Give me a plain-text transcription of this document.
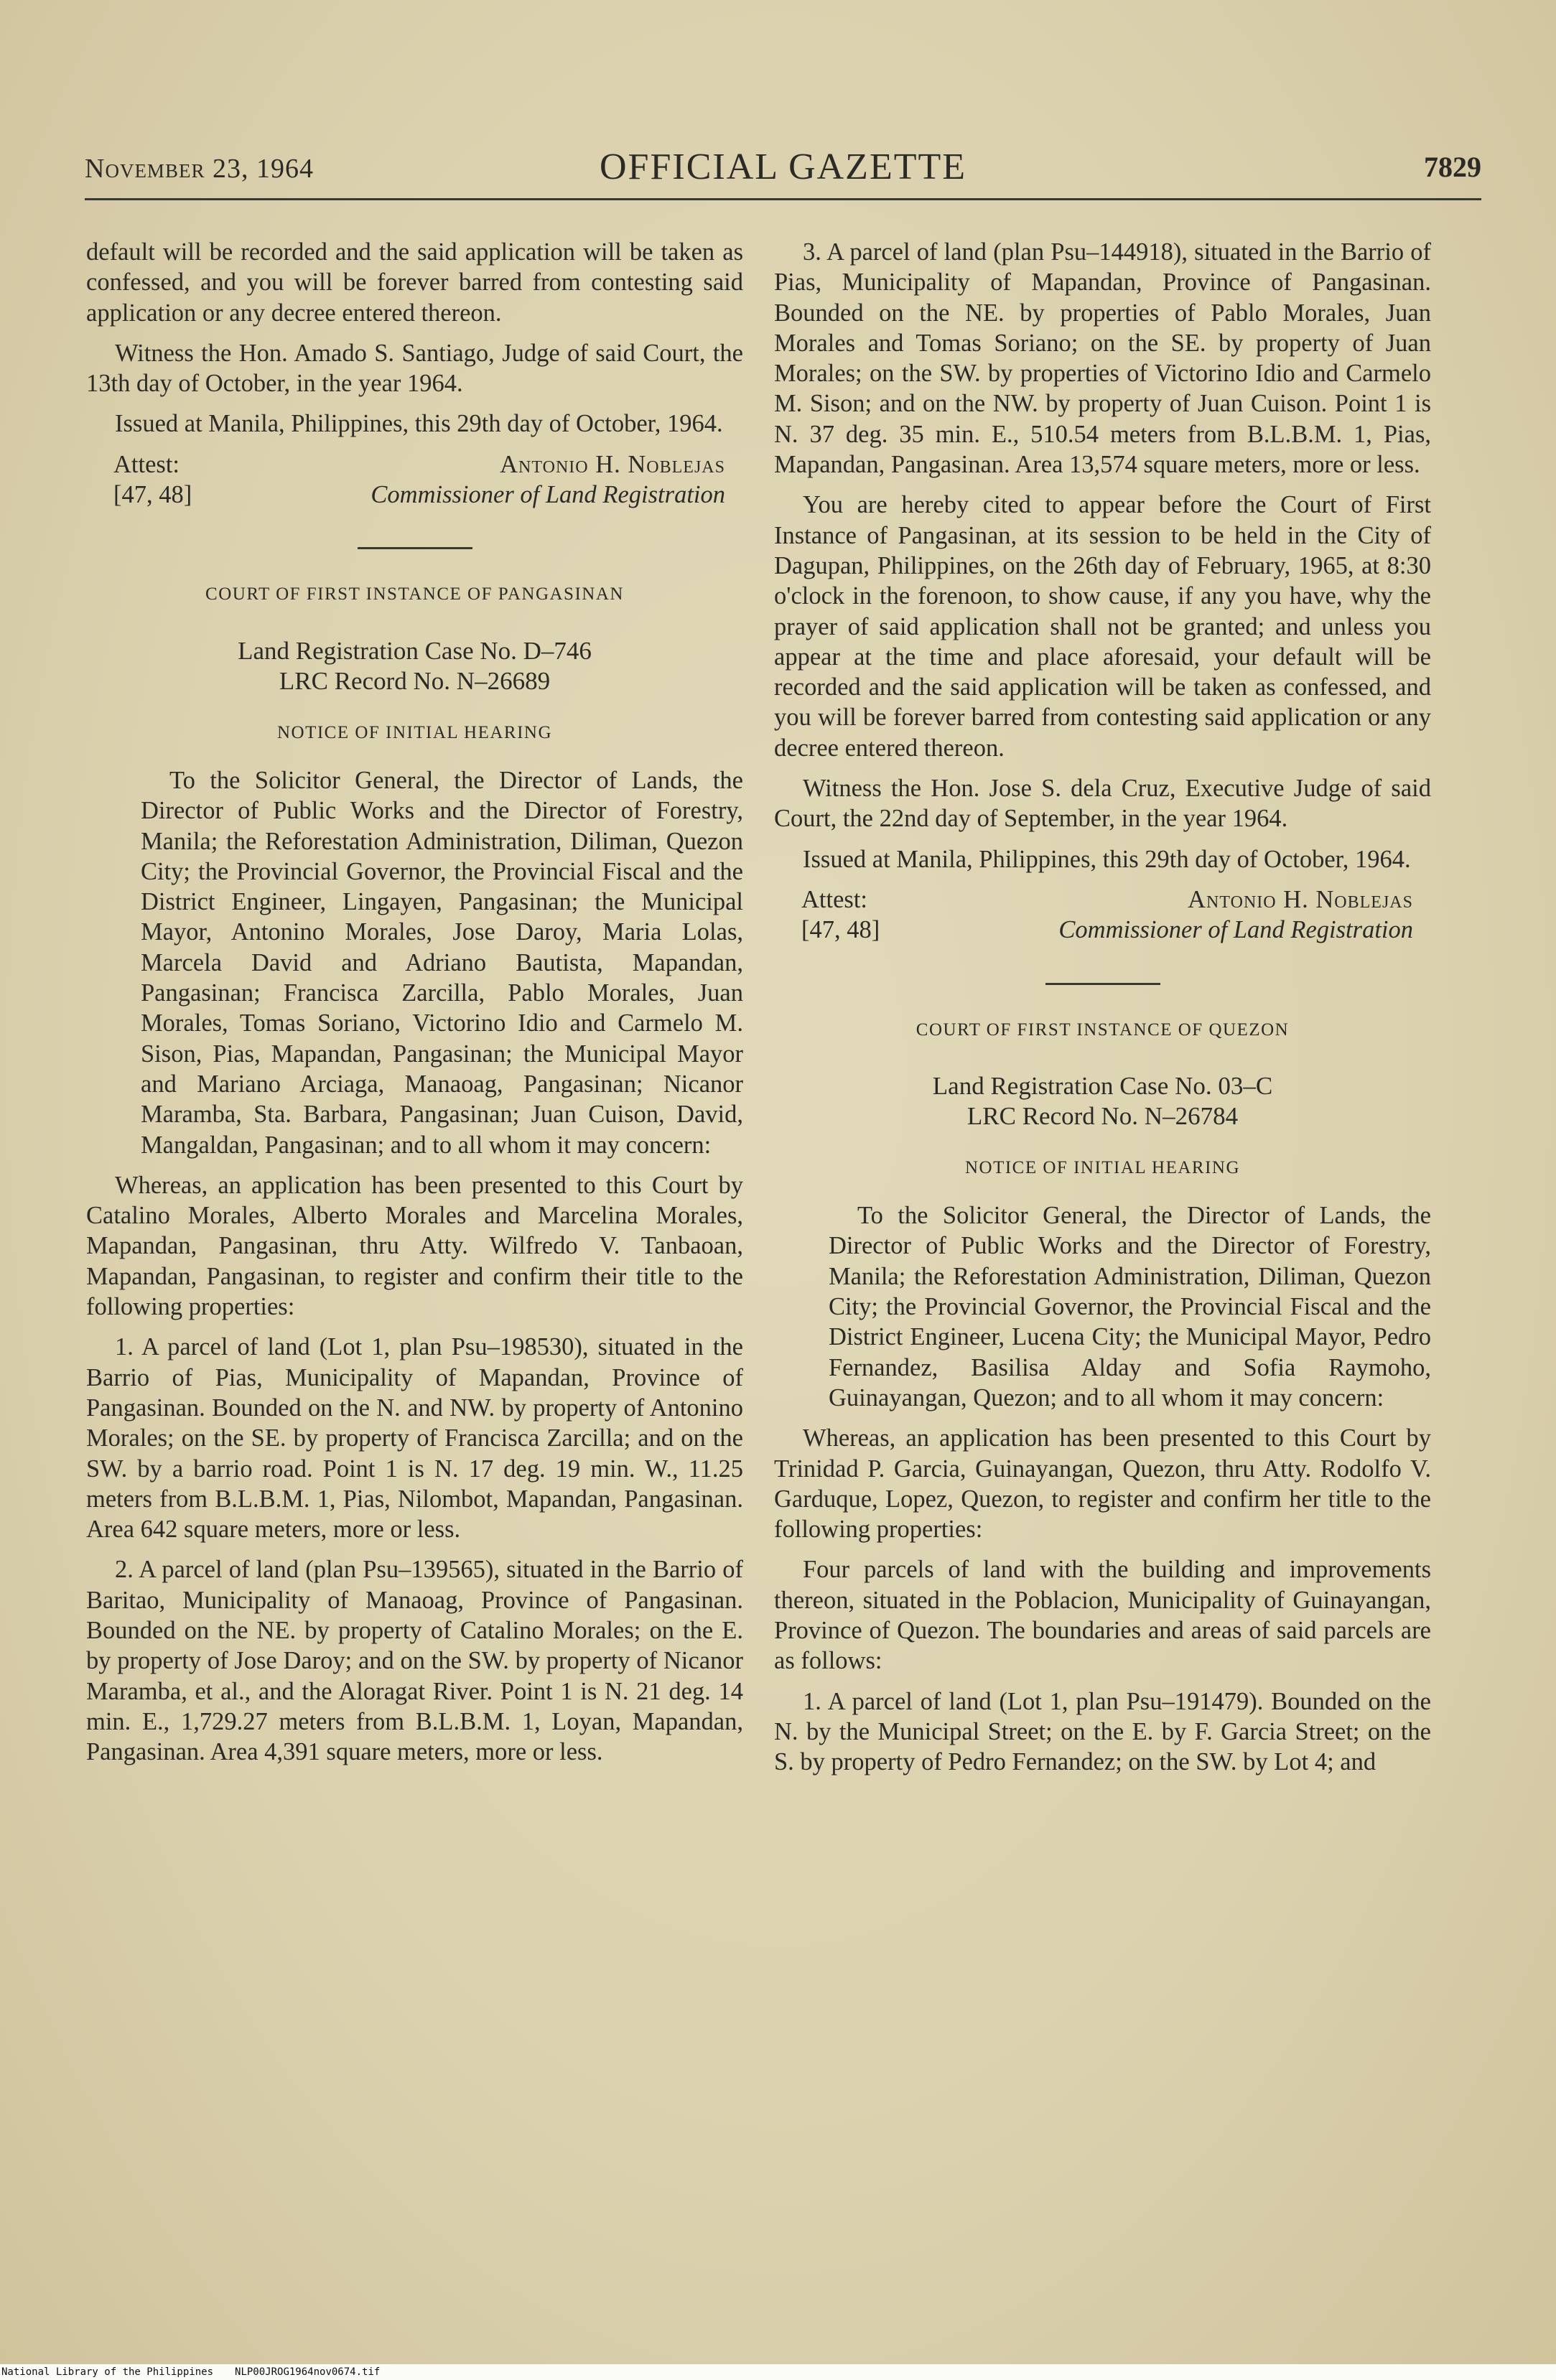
November 23, 1964	OFFICIAL GAZETTE	7829

default will be recorded and the said application will be taken as confessed, and you will be forever barred from contesting said application or any decree entered thereon.

Witness the Hon. Amado S. Santiago, Judge of said Court, the 13th day of October, in the year 1964.

Issued at Manila, Philippines, this 29th day of October, 1964.

Attest:	Antonio H. Noblejas
[47, 48]	Commissioner of Land Registration
COURT OF FIRST INSTANCE OF PANGASINAN
Land Registration Case No. D–746
LRC Record No. N–26689
NOTICE OF INITIAL HEARING

To the Solicitor General, the Director of Lands, the Director of Public Works and the Director of Forestry, Manila; the Reforestation Administration, Diliman, Quezon City; the Provincial Governor, the Provincial Fiscal and the District Engineer, Lingayen, Pangasinan; the Municipal Mayor, Antonino Morales, Jose Daroy, Maria Lolas, Marcela David and Adriano Bautista, Mapandan, Pangasinan; Francisca Zarcilla, Pablo Morales, Juan Morales, Tomas Soriano, Victorino Idio and Carmelo M. Sison, Pias, Mapandan, Pangasinan; the Municipal Mayor and Mariano Arciaga, Manaoag, Pangasinan; Nicanor Maramba, Sta. Barbara, Pangasinan; Juan Cuison, David, Mangaldan, Pangasinan; and to all whom it may concern:

Whereas, an application has been presented to this Court by Catalino Morales, Alberto Morales and Marcelina Morales, Mapandan, Pangasinan, thru Atty. Wilfredo V. Tanbaoan, Mapandan, Pangasinan, to register and confirm their title to the following properties:

1. A parcel of land (Lot 1, plan Psu–198530), situated in the Barrio of Pias, Municipality of Mapandan, Province of Pangasinan. Bounded on the N. and NW. by property of Antonino Morales; on the SE. by property of Francisca Zarcilla; and on the SW. by a barrio road. Point 1 is N. 17 deg. 19 min. W., 11.25 meters from B.L.B.M. 1, Pias, Nilombot, Mapandan, Pangasinan. Area 642 square meters, more or less.

2. A parcel of land (plan Psu–139565), situated in the Barrio of Baritao, Municipality of Manaoag, Province of Pangasinan. Bounded on the NE. by property of Catalino Morales; on the E. by property of Jose Daroy; and on the SW. by property of Nicanor Maramba, et al., and the Aloragat River. Point 1 is N. 21 deg. 14 min. E., 1,729.27 meters from B.L.B.M. 1, Loyan, Mapandan, Pangasinan. Area 4,391 square meters, more or less.

3. A parcel of land (plan Psu–144918), situated in the Barrio of Pias, Municipality of Mapandan, Province of Pangasinan. Bounded on the NE. by properties of Pablo Morales, Juan Morales and Tomas Soriano; on the SE. by property of Juan Morales; on the SW. by properties of Victorino Idio and Carmelo M. Sison; and on the NW. by property of Juan Cuison. Point 1 is N. 37 deg. 35 min. E., 510.54 meters from B.L.B.M. 1, Pias, Mapandan, Pangasinan. Area 13,574 square meters, more or less.

You are hereby cited to appear before the Court of First Instance of Pangasinan, at its session to be held in the City of Dagupan, Philippines, on the 26th day of February, 1965, at 8:30 o'clock in the forenoon, to show cause, if any you have, why the prayer of said application shall not be granted; and unless you appear at the time and place aforesaid, your default will be recorded and the said application will be taken as confessed, and you will be forever barred from contesting said application or any decree entered thereon.

Witness the Hon. Jose S. dela Cruz, Executive Judge of said Court, the 22nd day of September, in the year 1964.

Issued at Manila, Philippines, this 29th day of October, 1964.

Attest:	Antonio H. Noblejas
[47, 48]	Commissioner of Land Registration
COURT OF FIRST INSTANCE OF QUEZON
Land Registration Case No. 03–C
LRC Record No. N–26784
NOTICE OF INITIAL HEARING

To the Solicitor General, the Director of Lands, the Director of Public Works and the Director of Forestry, Manila; the Reforestation Administration, Diliman, Quezon City; the Provincial Governor, the Provincial Fiscal and the District Engineer, Lucena City; the Municipal Mayor, Pedro Fernandez, Basilisa Alday and Sofia Raymoho, Guinayangan, Quezon; and to all whom it may concern:

Whereas, an application has been presented to this Court by Trinidad P. Garcia, Guinayangan, Quezon, thru Atty. Rodolfo V. Garduque, Lopez, Quezon, to register and confirm her title to the following properties:

Four parcels of land with the building and improvements thereon, situated in the Poblacion, Municipality of Guinayangan, Province of Quezon. The boundaries and areas of said parcels are as follows:

1. A parcel of land (Lot 1, plan Psu–191479). Bounded on the N. by the Municipal Street; on the E. by F. Garcia Street; on the S. by property of Pedro Fernandez; on the SW. by Lot 4; and

National Library of the Philippines NLP00JROG1964nov0674.tif
